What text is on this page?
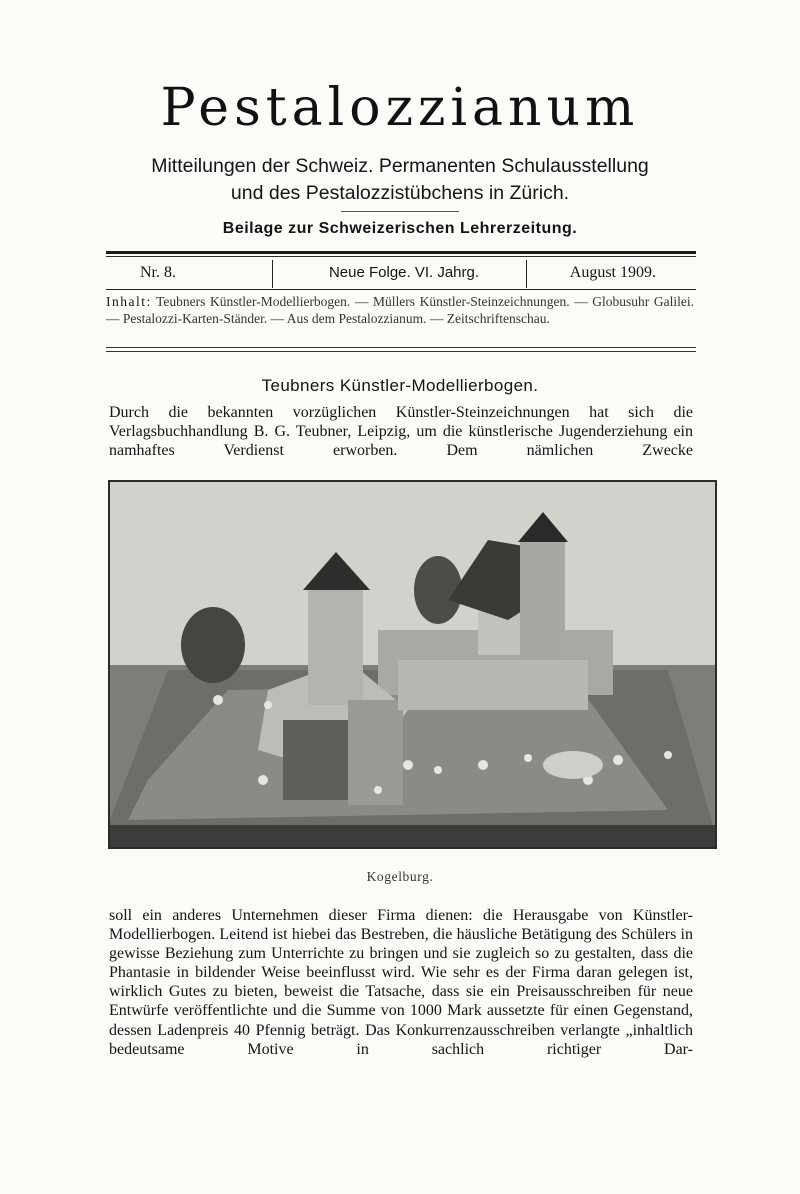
Pestalozzianum
Mitteilungen der Schweiz. Permanenten Schulausstellung
und des Pestalozzistübchens in Zürich.
Beilage zur Schweizerischen Lehrerzeitung.
Nr. 8.	Neue Folge. VI. Jahrg.	August 1909.
Inhalt: Teubners Künstler-Modellierbogen. — Müllers Künstler-Steinzeichnungen. — Globusuhr Galilei. — Pestalozzi-Karten-Ständer. — Aus dem Pestalozzianum. — Zeitschriftenschau.
Teubners Künstler-Modellierbogen.

Durch die bekannten vorzüglichen Künstler-Steinzeichnungen hat sich die Verlagsbuchhandlung B. G. Teubner, Leipzig, um die künstlerische Jugenderziehung ein namhaftes Verdienst erworben. Dem nämlichen Zwecke

Kogelburg.

soll ein anderes Unternehmen dieser Firma dienen: die Herausgabe von Künstler-Modellierbogen. Leitend ist hiebei das Bestreben, die häusliche Betätigung des Schülers in gewisse Beziehung zum Unterrichte zu bringen und sie zugleich so zu gestalten, dass die Phantasie in bildender Weise beeinflusst wird. Wie sehr es der Firma daran gelegen ist, wirklich Gutes zu bieten, beweist die Tatsache, dass sie ein Preisausschreiben für neue Entwürfe veröffentlichte und die Summe von 1000 Mark aussetzte für einen Gegenstand, dessen Ladenpreis 40 Pfennig beträgt. Das Konkurrenzausschreiben verlangte „inhaltlich bedeutsame Motive in sachlich richtiger Dar-
